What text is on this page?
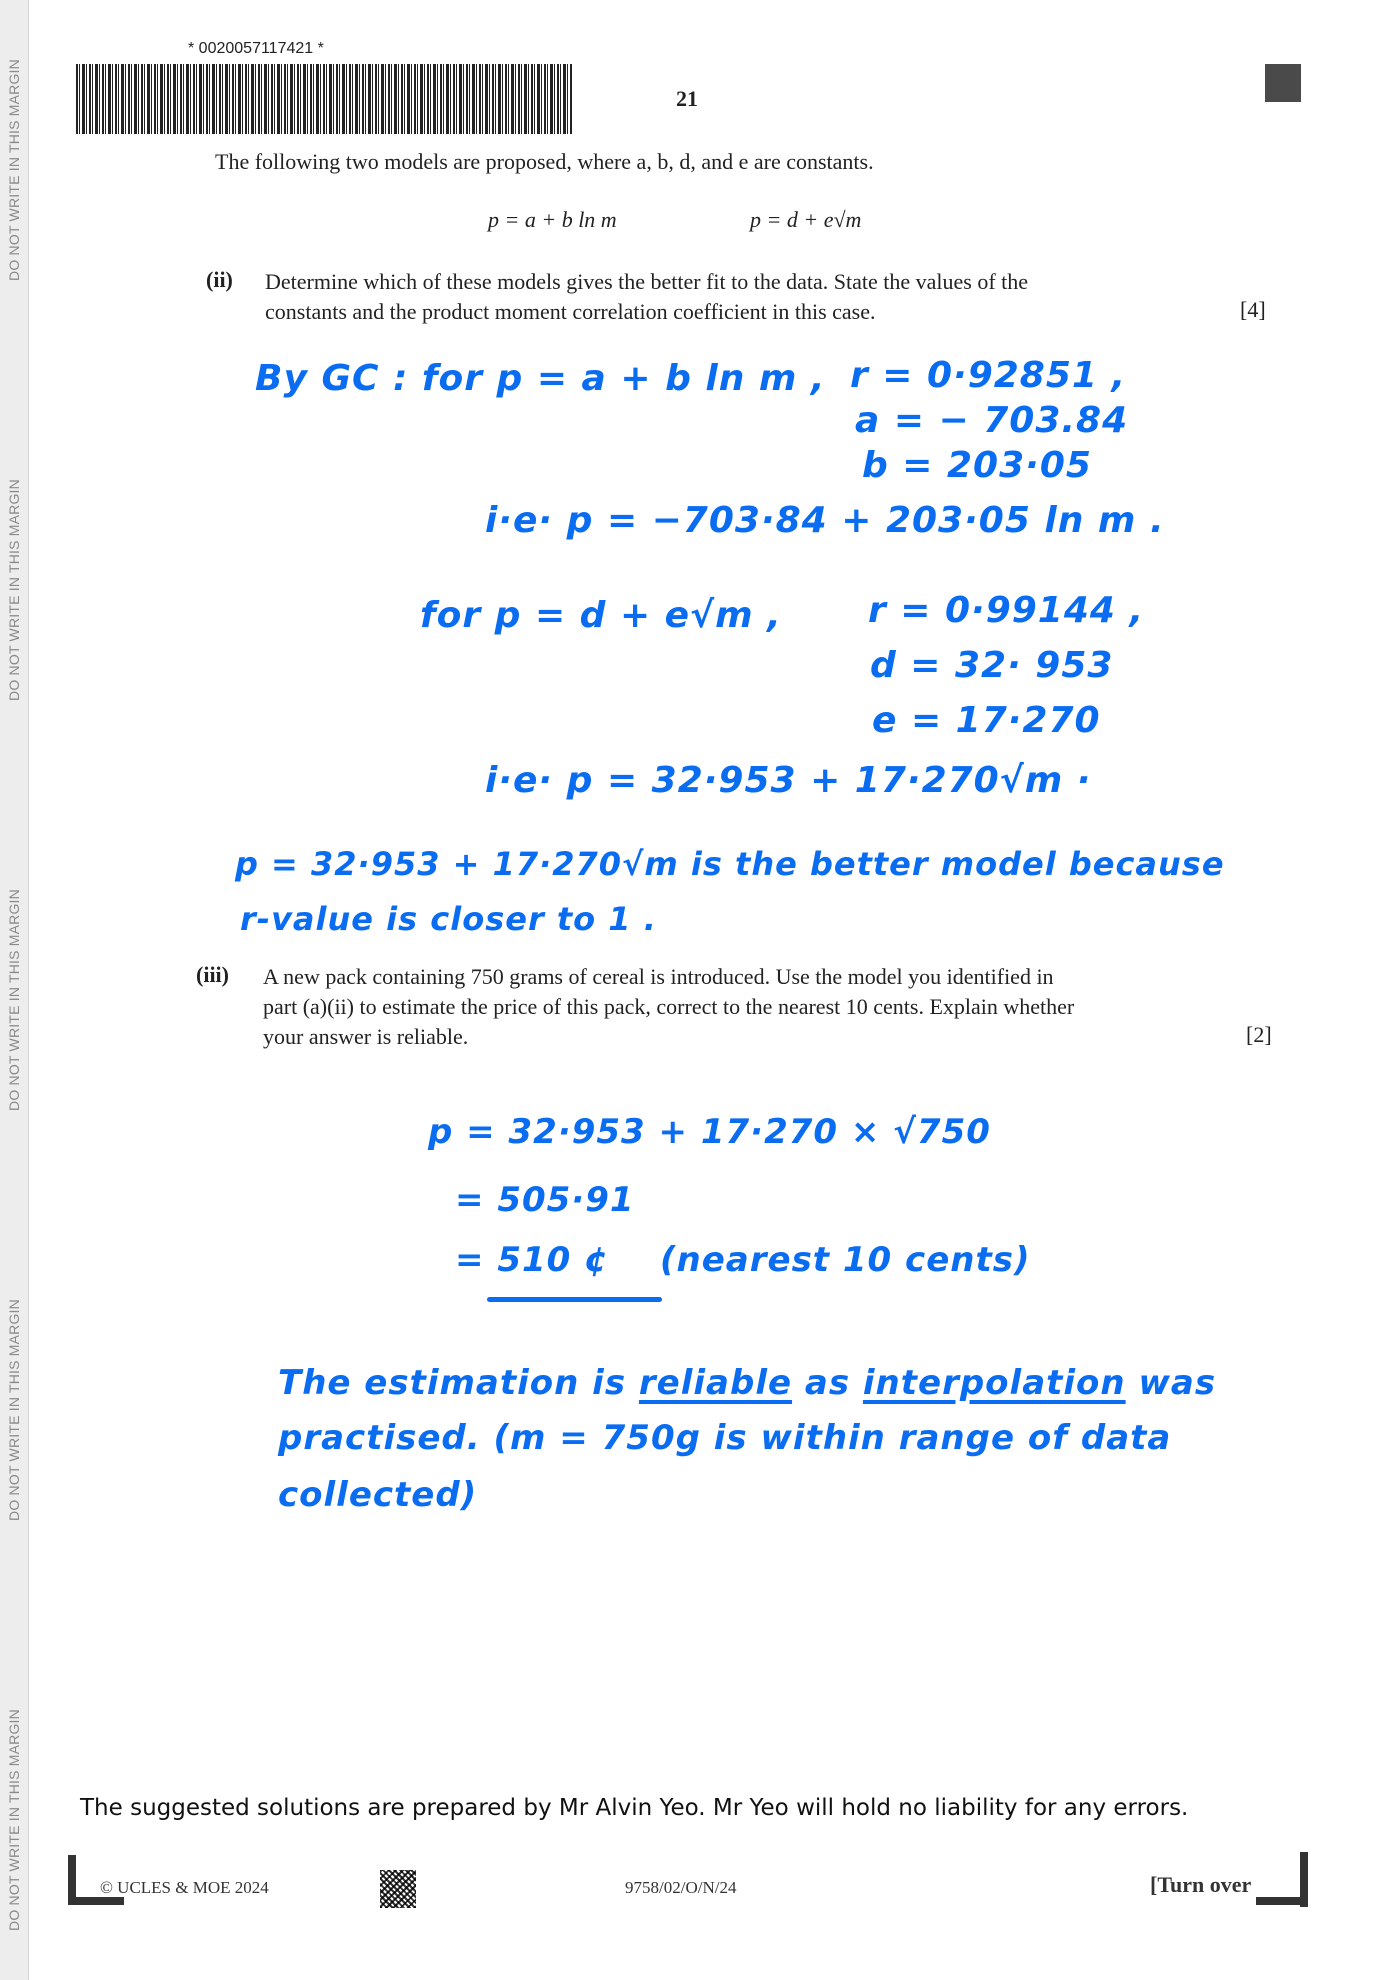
DO NOT WRITE IN THIS MARGIN
DO NOT WRITE IN THIS MARGIN
DO NOT WRITE IN THIS MARGIN
DO NOT WRITE IN THIS MARGIN
DO NOT WRITE IN THIS MARGIN
* 0020057117421 *
21
The following two models are proposed, where a, b, d, and e are constants.
p = a + b ln m	p = d + e√m
(ii) Determine which of these models gives the better fit to the data. State the values of the
constants and the product moment correlation coefficient in this case.	[4]
By GC : for p = a + b ln m , r = 0·92851 ,
a = − 703.84
b = 203·05
i·e· p = −703·84 + 203·05 ln m .
for p = d + e√m , r = 0·99144 ,
d = 32· 953
e = 17·270
i·e· p = 32·953 + 17·270√m ·
p = 32·953 + 17·270√m is the better model because
r-value is closer to 1 .
(iii) A new pack containing 750 grams of cereal is introduced. Use the model you identified in
part (a)(ii) to estimate the price of this pack, correct to the nearest 10 cents. Explain whether
your answer is reliable.	[2]
p = 32·953 + 17·270 × √750
= 505·91
= 510 ¢ (nearest 10 cents)
The estimation is reliable as interpolation was
practised. (m = 750g is within range of data
collected)
The suggested solutions are prepared by Mr Alvin Yeo. Mr Yeo will hold no liability for any errors.
© UCLES & MOE 2024	9758/02/O/N/24	[Turn over
